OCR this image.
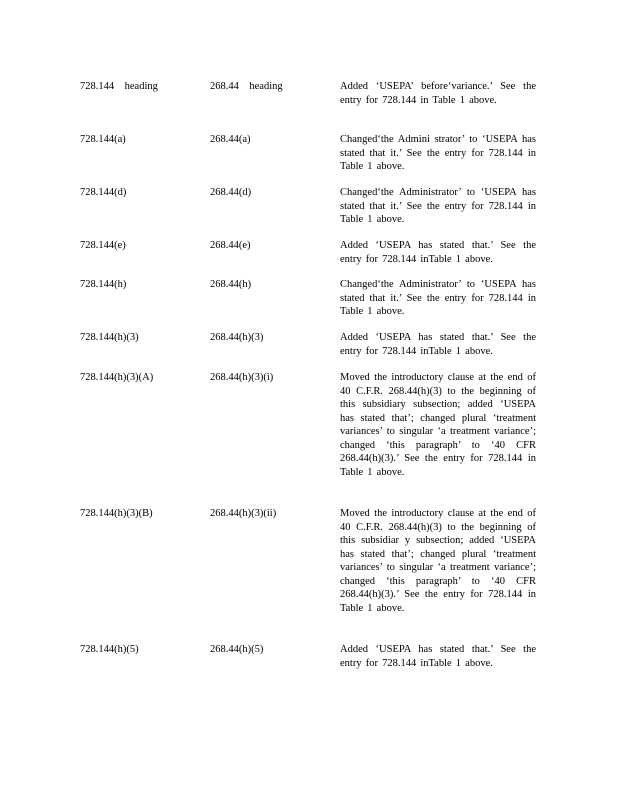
728.144    heading	268.44    heading	Added ‘USEPA’ before‘variance.’ See the entry for 728.144 in Table 1 above.
728.144(a)	268.44(a)	Changed‘the Admini strator’ to ‘USEPA has stated that it.’ See the entry for 728.144 in Table 1 above.
728.144(d)	268.44(d)	Changed‘the Administrator’ to ‘USEPA has stated that it.’ See the entry for 728.144 in Table 1 above.
728.144(e)	268.44(e)	Added ‘USEPA has stated that.’ See the entry for 728.144 inTable 1 above.
728.144(h)	268.44(h)	Changed‘the Administrator’ to ‘USEPA has stated that it.’ See the entry for 728.144 in Table 1 above.
728.144(h)(3)	268.44(h)(3)	Added ‘USEPA has stated that.’ See the entry for 728.144 inTable 1 above.
728.144(h)(3)(A)	268.44(h)(3)(i)	Moved the introductory clause at the end of 40 C.F.R. 268.44(h)(3) to the beginning of this subsidiary subsection; added ‘USEPA has stated that’; changed plural ‘treatment variances’ to singular ‘a treatment variance’; changed ‘this paragraph’ to ‘40 CFR 268.44(h)(3).’ See the entry for 728.144 in Table 1 above.
728.144(h)(3)(B)	268.44(h)(3)(ii)	Moved the introductory clause at the end of 40 C.F.R. 268.44(h)(3) to the beginning of this subsidiar y subsection; added ‘USEPA has stated that’; changed plural ‘treatment variances’ to singular ‘a treatment variance’; changed ‘this paragraph’ to ‘40 CFR 268.44(h)(3).’ See the entry for 728.144 in Table 1 above.
728.144(h)(5)	268.44(h)(5)	Added ‘USEPA has stated that.’ See the entry for 728.144 inTable 1 above.
